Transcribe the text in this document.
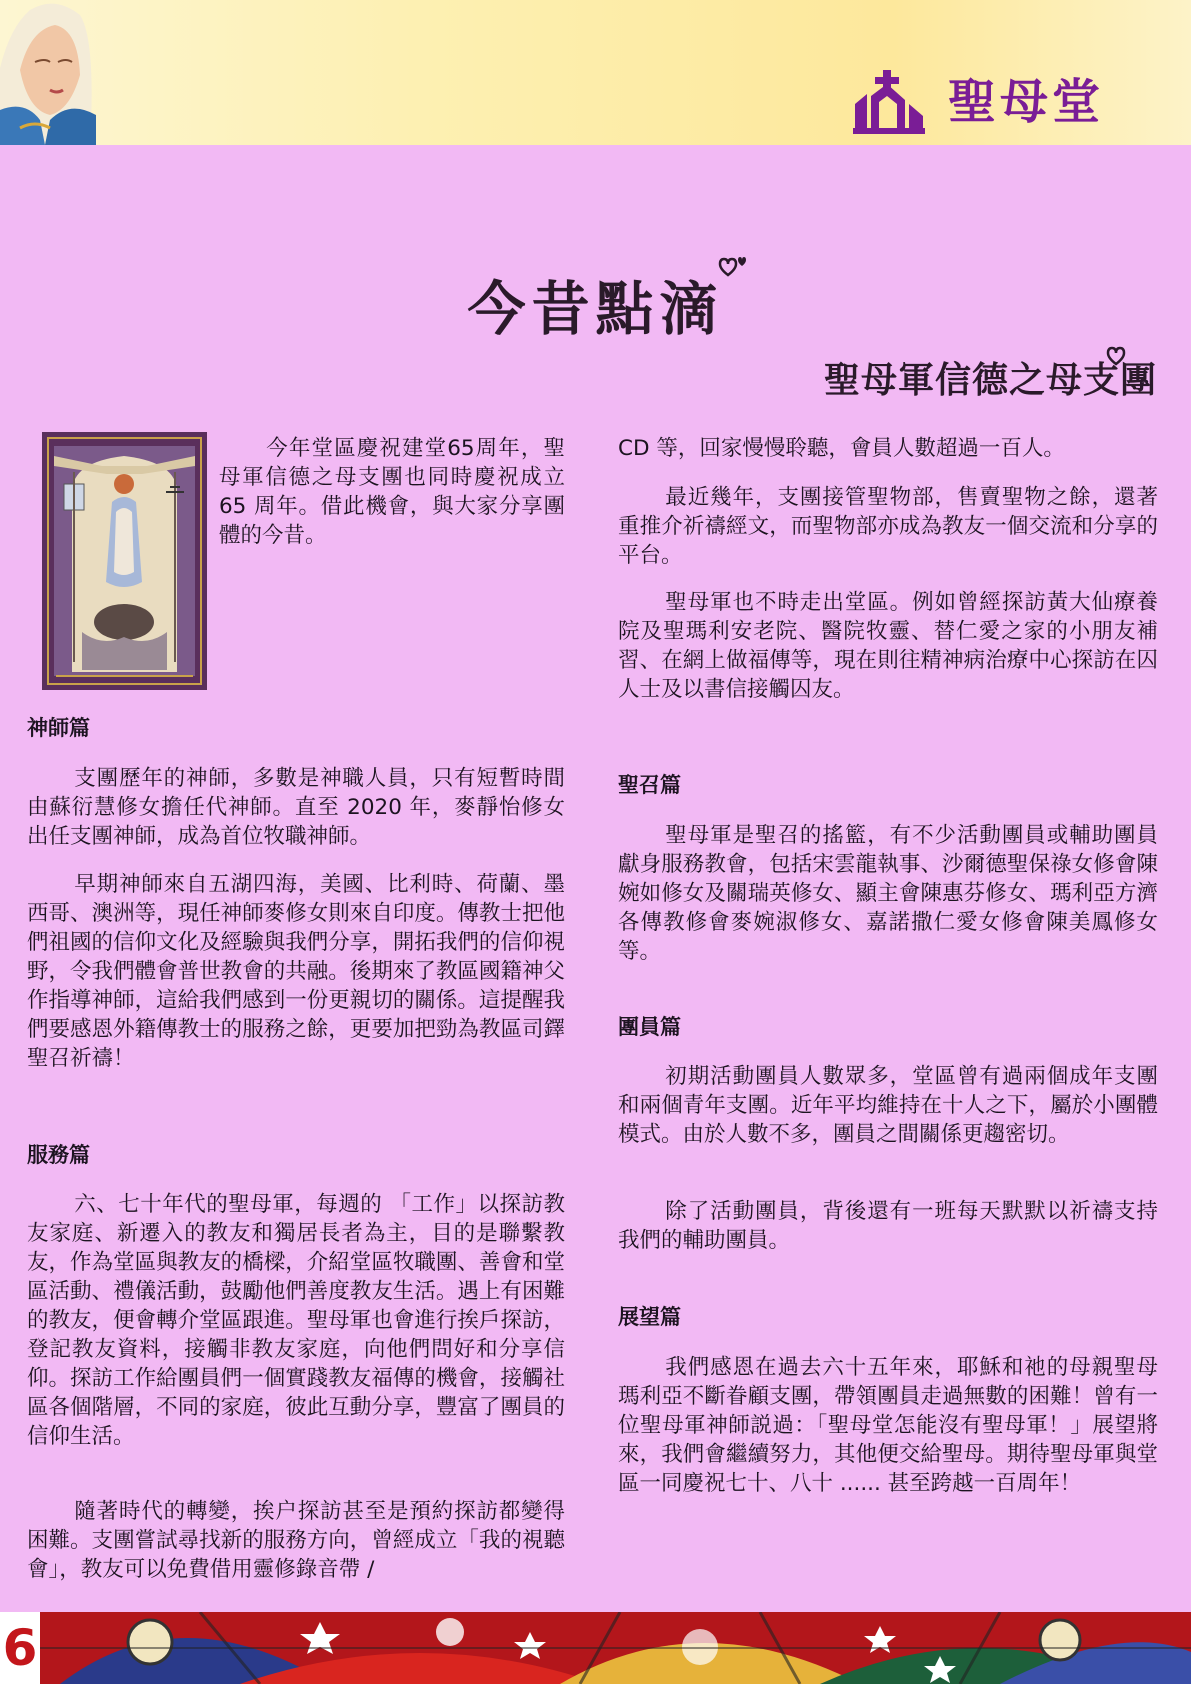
聖母堂
今昔點滴
聖母軍信德之母支團

今年堂區慶祝建堂65周年，聖母軍信德之母支團也同時慶祝成立 65 周年。借此機會，與大家分享團體的今昔。

神師篇

支團歷年的神師，多數是神職人員，只有短暫時間由蘇衍慧修女擔任代神師。直至 2020 年，麥靜怡修女出任支團神師，成為首位牧職神師。

早期神師來自五湖四海，美國、比利時、荷蘭、墨西哥、澳洲等，現任神師麥修女則來自印度。傳教士把他們祖國的信仰文化及經驗與我們分享，開拓我們的信仰視野，令我們體會普世教會的共融。後期來了教區國籍神父作指導神師，這給我們感到一份更親切的關係。這提醒我們要感恩外籍傳教士的服務之餘，更要加把勁為教區司鐸聖召祈禱！

服務篇

六、七十年代的聖母軍，每週的 「工作」以探訪教友家庭、新遷入的教友和獨居長者為主，目的是聯繫教友，作為堂區與教友的橋樑，介紹堂區牧職團、善會和堂區活動、禮儀活動，鼓勵他們善度教友生活。遇上有困難的教友，便會轉介堂區跟進。聖母軍也會進行挨戶探訪，登記教友資料，接觸非教友家庭，向他們問好和分享信仰。探訪工作給團員們一個實踐教友福傳的機會，接觸社區各個階層，不同的家庭，彼此互動分享，豐富了團員的信仰生活。

隨著時代的轉變，挨户探訪甚至是預約探訪都變得困難。支團嘗試尋找新的服務方向，曾經成立「我的視聽會」，教友可以免費借用靈修錄音帶 /

CD 等，回家慢慢聆聽，會員人數超過一百人。

最近幾年，支團接管聖物部，售賣聖物之餘，還著重推介祈禱經文，而聖物部亦成為教友一個交流和分享的平台。

聖母軍也不時走出堂區。例如曾經探訪黃大仙療養院及聖瑪利安老院、醫院牧靈、替仁愛之家的小朋友補習、在網上做福傳等，現在則往精神病治療中心探訪在囚人士及以書信接觸囚友。

聖召篇

聖母軍是聖召的搖籃，有不少活動團員或輔助團員獻身服務教會，包括宋雲龍執事、沙爾德聖保祿女修會陳婉如修女及關瑞英修女、顯主會陳惠芬修女、瑪利亞方濟各傳教修會麥婉淑修女、嘉諾撒仁愛女修會陳美鳳修女等。

團員篇

初期活動團員人數眾多，堂區曾有過兩個成年支團和兩個青年支團。近年平均維持在十人之下，屬於小團體模式。由於人數不多，團員之間關係更趨密切。

除了活動團員，背後還有一班每天默默以祈禱支持我們的輔助團員。

展望篇

我們感恩在過去六十五年來，耶穌和祂的母親聖母瑪利亞不斷眷顧支團，帶領團員走過無數的困難！曾有一位聖母軍神師説過：「聖母堂怎能沒有聖母軍！」展望將來，我們會繼續努力，其他便交給聖母。期待聖母軍與堂區一同慶祝七十、八十 ...... 甚至跨越一百周年！

6
